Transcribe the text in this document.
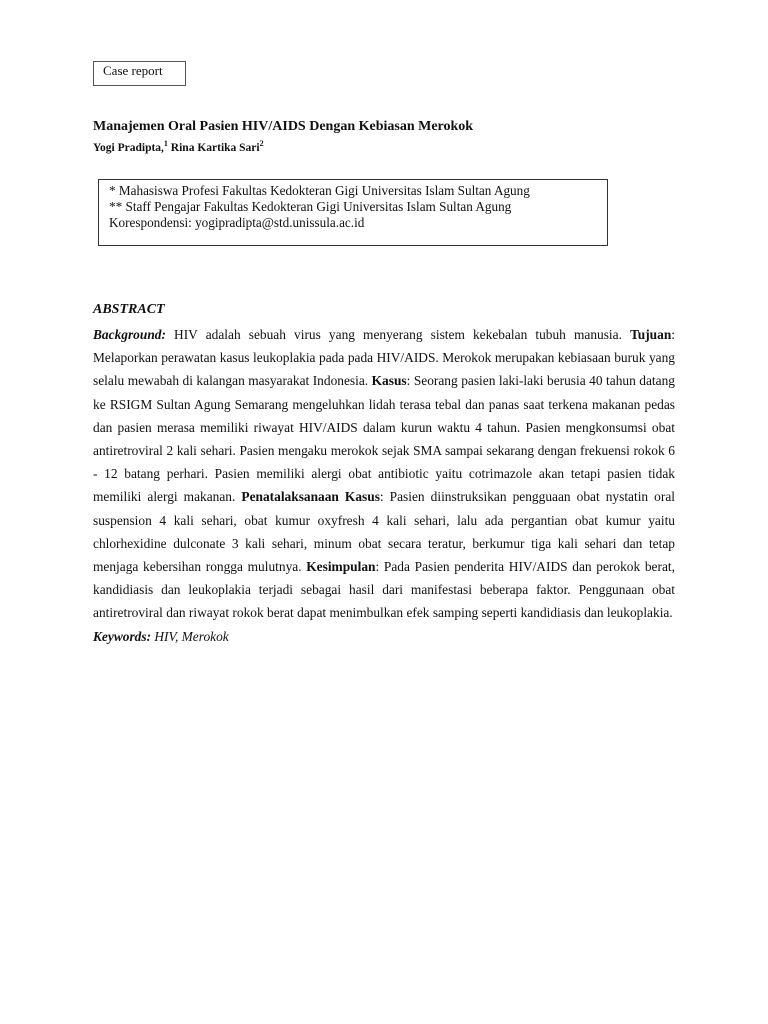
Case report
Manajemen Oral Pasien HIV/AIDS Dengan Kebiasan Merokok
Yogi Pradipta,$^1$ Rina Kartika Sari$^2$
* Mahasiswa Profesi Fakultas Kedokteran Gigi Universitas Islam Sultan Agung
** Staff Pengajar Fakultas Kedokteran Gigi Universitas Islam Sultan Agung
Korespondensi: yogipradipta@std.unissula.ac.id
ABSTRACT
Background: HIV adalah sebuah virus yang menyerang sistem kekebalan tubuh manusia. Tujuan: Melaporkan perawatan kasus leukoplakia pada pada HIV/AIDS. Merokok merupakan kebiasaan buruk yang selalu mewabah di kalangan masyarakat Indonesia. Kasus: Seorang pasien laki-laki berusia 40 tahun datang ke RSIGM Sultan Agung Semarang mengeluhkan lidah terasa tebal dan panas saat terkena makanan pedas dan pasien merasa memiliki riwayat HIV/AIDS dalam kurun waktu 4 tahun. Pasien mengkonsumsi obat antiretroviral 2 kali sehari. Pasien mengaku merokok sejak SMA sampai sekarang dengan frekuensi rokok 6 - 12 batang perhari. Pasien memiliki alergi obat antibiotic yaitu cotrimazole akan tetapi pasien tidak memiliki alergi makanan. Penatalaksanaan Kasus: Pasien diinstruksikan pengguaan obat nystatin oral suspension 4 kali sehari, obat kumur oxyfresh 4 kali sehari, lalu ada pergantian obat kumur yaitu chlorhexidine dulconate 3 kali sehari, minum obat secara teratur, berkumur tiga kali sehari dan tetap menjaga kebersihan rongga mulutnya. Kesimpulan: Pada Pasien penderita HIV/AIDS dan perokok berat, kandidiasis dan leukoplakia terjadi sebagai hasil dari manifestasi beberapa faktor. Penggunaan obat antiretroviral dan riwayat rokok berat dapat menimbulkan efek samping seperti kandidiasis dan leukoplakia.
Keywords: HIV, Merokok
